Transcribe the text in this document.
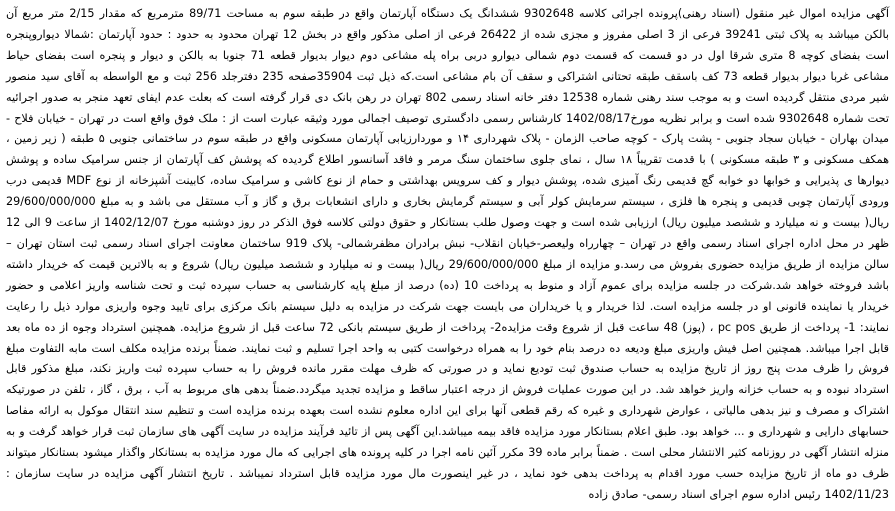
آگهی مزایده اموال غیر منقول (اسناد رهنی)پرونده اجرائی کلاسه 9302648 ششدانگ یک دستگاه آپارتمان واقع در طبقه سوم به مساحت 89/71 مترمربع که مقدار 2/15 متر مربع آن بالکن میباشد به پلاک ثبتی 39241 فرعی از 3 اصلی مفروز و مجزی شده از 26422 فرعی از اصلی مذکور واقع در بخش 12 تهران محدود به حدود : حدود آپارتمان :شمالا دیواروپنجره است بفضای کوچه 8 متری شرقا اول در دو قسمت که قسمت دوم شمالی دیوارو دربی براه پله مشاعی دوم دیوار بدیوار قطعه 71 جنوبا به بالکن و دیوار و پنجره است بفضای حیاط مشاعی غربا دیوار بدیوار قطعه 73 کف باسقف طبقه تحتانی اشتراکی و سقف آن بام مشاعی است.که ذیل ثبت 35904صفحه 235 دفترجلد 256 ثبت و مع الواسطه به آقای سید منصور شیر مردی منتقل گردیده است و به موجب سند رهنی شماره 12538 دفتر خانه اسناد رسمی 802 تهران در رهن بانک دی قرار گرفته است که بعلت عدم ایفای تعهد منجر به صدور اجرائیه تحت شماره 9302648 شده است و برابر نظریه مورخ1402/08/17 کارشناس رسمی دادگستری توصیف اجمالی مورد وثیقه عبارت است از : ملک فوق واقع است در تهران - خیابان فلاح - میدان بهاران - خیابان سجاد جنوبی - پشت پارک - کوچه صاحب الزمان - پلاک شهرداری ۱۴ و موردارزیابی آپارتمان مسکونی واقع در طبقه سوم در ساختمانی جنوبی ۵ طبقه ( زیر زمین ، همکف مسکونی و ۳ طبقه مسکونی ) با قدمت تقریباً ۱۸ سال ، نمای جلوی ساختمان سنگ مرمر و فاقد آسانسور اطلاع گردیده که پوشش کف آپارتمان از جنس سرامیک ساده و پوشش دیوارها ی پذیرایی و خوابها دو خوابه گچ قدیمی رنگ آمیزی شده، پوشش دیوار و کف سرویس بهداشتی و حمام از نوع کاشی و سرامیک ساده، کابینت آشپزخانه از نوع MDF قدیمی درب ورودی آپارتمان چوبی قدیمی و پنجره ها فلزی ، سیستم سرمایش کولر آبی و سیستم گرمایش بخاری و دارای انشعابات برق و گاز و آب مستقل می باشد و به مبلغ 29/600/000/000 ریال( بیست و نه میلیارد و ششصد میلیون ریال) ارزیابی شده است و جهت وصول طلب بستانکار و حقوق دولتی کلاسه فوق الذکر در روز دوشنبه مورخ 1402/12/07 از ساعت 9 الی 12 ظهر در محل اداره اجرای اسناد رسمی واقع در تهران – چهارراه ولیعصر-خیابان انقلاب- نبش برادران مظفرشمالی- پلاک 919 ساختمان معاونت اجرای اسناد رسمی ثبت استان تهران – سالن مزایده از طریق مزایده حضوری بفروش می رسد.و مزایده از مبلغ 29/600/000/000 ریال( بیست و نه میلیارد و ششصد میلیون ریال) شروع و به بالاترین قیمت که خریدار داشته باشد فروخته خواهد شد.شرکت در جلسه مزایده برای عموم آزاد و منوط به پرداخت 10 (ده) درصد از مبلغ پایه کارشناسی به حساب سپرده ثبت و تحت شناسه واریز اعلامی و حضور خریدار یا نماینده قانونی او در جلسه مزایده است. لذا خریدار و یا خریداران می بایست جهت شرکت در مزایده به دلیل سیستم بانک مرکزی برای تایید وجوه واریزی موارد ذیل را رعایت نمایند: 1- پرداخت از طریق pc pos ، (پوز) 48 ساعت قبل از شروع وقت مزایده2- پرداخت از طریق سیستم بانکی 72 ساعت قبل از شروع مزایده. همچنین استرداد وجوه از ده ماه بعد قابل اجرا میباشد. همچنین اصل فیش واریزی مبلغ ودیعه ده درصد بنام خود را به همراه درخواست کتبی به واحد اجرا تسلیم و ثبت نمایند. ضمناً برنده مزایده مکلف است مابه التفاوت مبلغ فروش را ظرف مدت پنج روز از تاریخ مزایده به حساب صندوق ثبت تودیع نماید و در صورتی که ظرف مهلت مقرر مانده فروش را به حساب سپرده ثبت واریز نکند، مبلغ مذکور قابل استرداد نبوده و به حساب خزانه واریز خواهد شد. در این صورت عملیات فروش از درجه اعتبار ساقط و مزایده تجدید میگردد.ضمناً بدهی های مربوط به آب ، برق ، گاز ، تلفن در صورتیکه اشتراک و مصرف و نیز بدهی مالیاتی ، عوارض شهرداری و غیره که رقم قطعی آنها برای این اداره معلوم نشده است بعهده برنده مزایده است و تنظیم سند انتقال موکول به ارائه مفاصا حسابهای دارایی و شهرداری و ... خواهد بود. طبق اعلام بستانکار مورد مزایده فاقد بیمه میباشد.این آگهی پس از تائید فرآیند مزایده در سایت آگهی های سازمان ثبت قرار خواهد گرفت و به منزله انتشار آگهی در روزنامه کثیر الانتشار محلی است . ضمناً برابر ماده 39 مکرر آئین نامه اجرا در کلیه پرونده های اجرایی که مال مورد مزایده به بستانکار واگذار میشود بستانکار میتواند ظرف دو ماه از تاریخ مزایده حسب مورد اقدام به پرداخت بدهی خود نماید ، در غیر اینصورت مال مورد مزایده قابل استرداد نمیباشد . تاریخ انتشار آگهی مزایده در سایت سازمان : 1402/11/23 رئیس اداره سوم اجرای اسناد رسمی- صادق زاده
